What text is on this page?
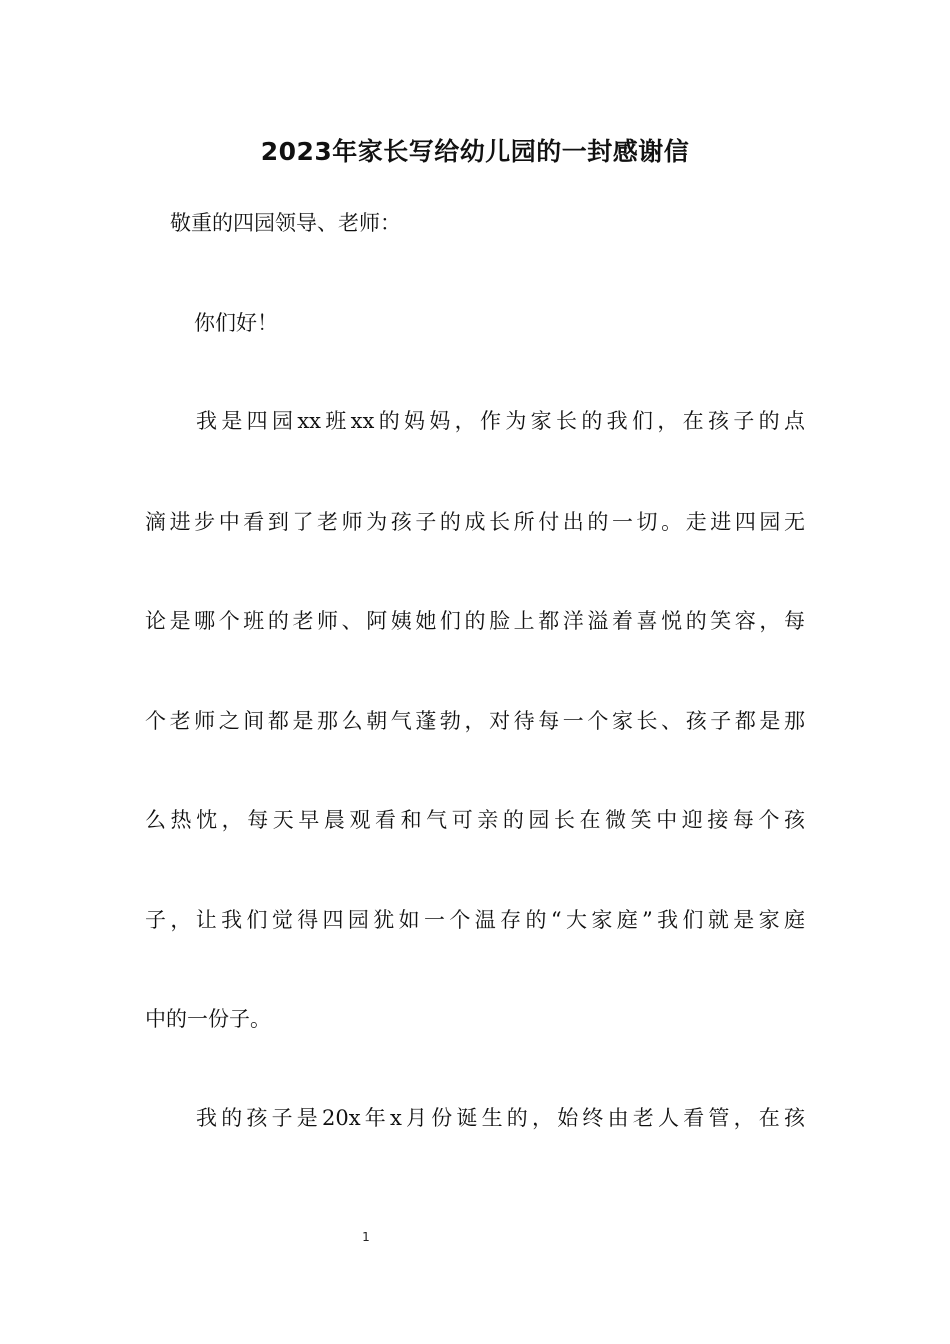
2023年家长写给幼儿园的一封感谢信
敬重的四园领导、老师：
你们好！
我是四园xx班xx的妈妈，作为家长的我们，在孩子的点
滴进步中看到了老师为孩子的成长所付出的一切。走进四园无
论是哪个班的老师、阿姨她们的脸上都洋溢着喜悦的笑容，每
个老师之间都是那么朝气蓬勃，对待每一个家长、孩子都是那
么热忱，每天早晨观看和气可亲的园长在微笑中迎接每个孩
子，让我们觉得四园犹如一个温存的“大家庭”我们就是家庭
中的一份子。
我的孩子是20x年x月份诞生的，始终由老人看管，在孩
1
